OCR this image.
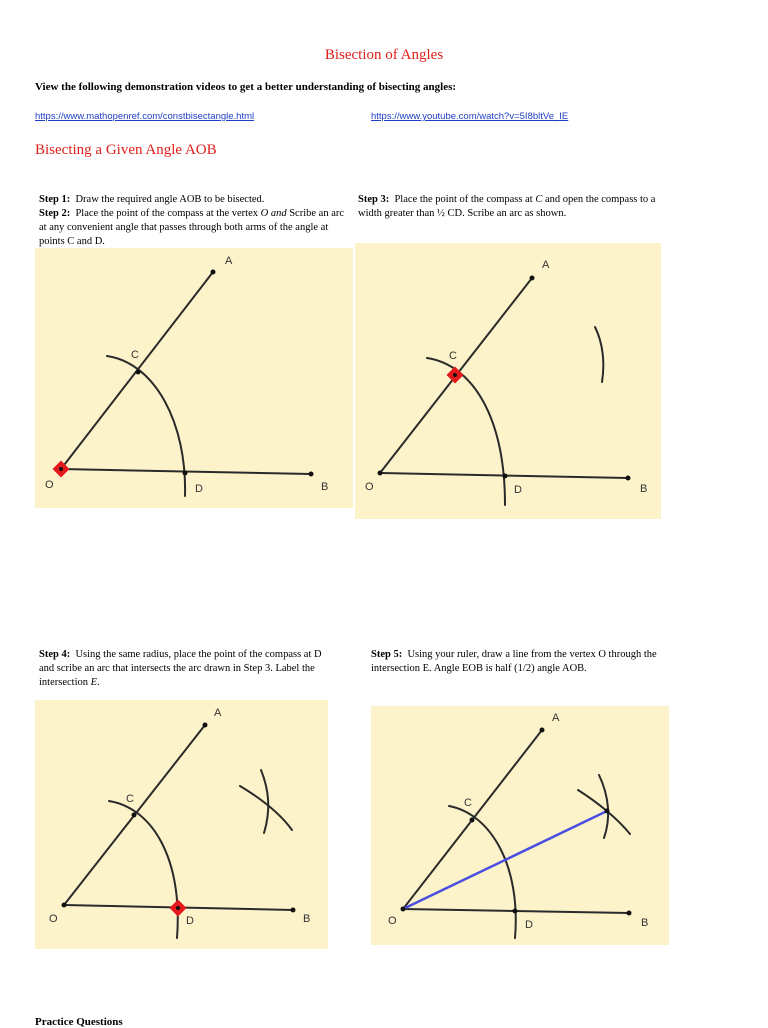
Bisection of Angles
View the following demonstration videos to get a better understanding of bisecting angles:
https://www.mathopenref.com/constbisectangle.html	https://www.youtube.com/watch?v=5I8bltVe_IE
Bisecting a Given Angle AOB
Step 1: Draw the required angle AOB to be bisected.
Step 2: Place the point of the compass at the vertex O and Scribe an arc at any convenient angle that passes through both arms of the angle at points C and D.
Step 3: Place the point of the compass at C and open the compass to a width greater than ½ CD. Scribe an arc as shown.
Step 4: Using the same radius, place the point of the compass at D and scribe an arc that intersects the arc drawn in Step 3. Label the intersection E.
Step 5: Using your ruler, draw a line from the vertex O through the intersection E. Angle EOB is half (1/2) angle AOB.
A
B
C
D
O
A
B
C
D
O
A
B
C
D
O
A
B
C
D
O
Practice Questions
